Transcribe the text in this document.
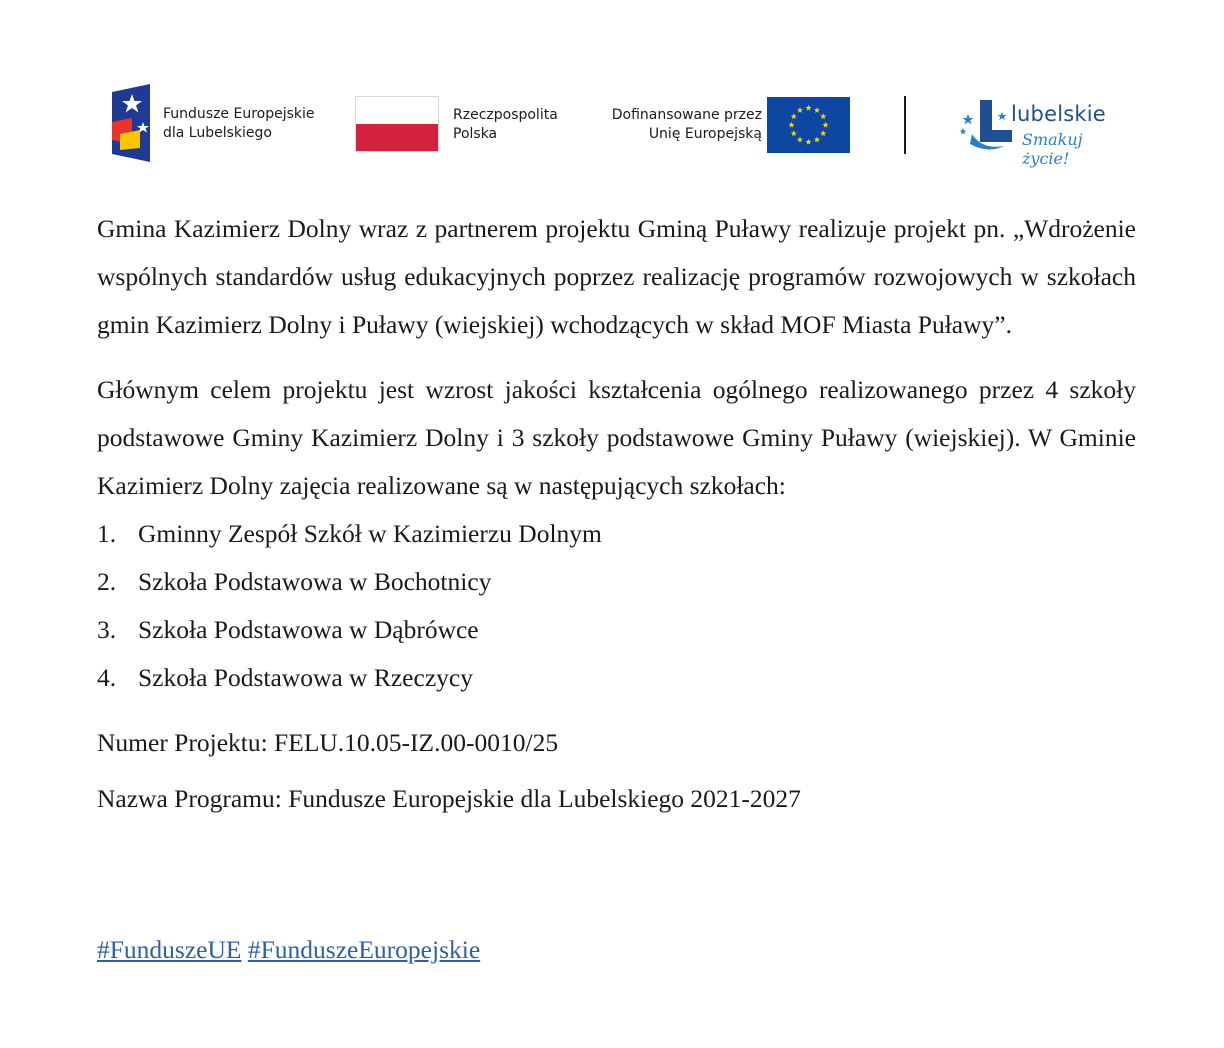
Fundusze Europejskie
dla Lubelskiego
Rzeczpospolita
Polska
Dofinansowane przez
Unię Europejską
lubelskie
Smakuj życie!

Gmina Kazimierz Dolny wraz z partnerem projektu Gminą Puławy realizuje projekt pn. „Wdrożenie wspólnych standardów usług edukacyjnych poprzez realizację programów rozwojowych w szkołach gmin Kazimierz Dolny i Puławy (wiejskiej) wchodzących w skład MOF Miasta Puławy”.

Głównym celem projektu jest wzrost jakości kształcenia ogólnego realizowanego przez 4 szkoły podstawowe Gminy Kazimierz Dolny i 3 szkoły podstawowe Gminy Puławy (wiejskiej). W Gminie Kazimierz Dolny zajęcia realizowane są w następujących szkołach:

1. Gminny Zespół Szkół w Kazimierzu Dolnym
2. Szkoła Podstawowa w Bochotnicy
3. Szkoła Podstawowa w Dąbrówce
4. Szkoła Podstawowa w Rzeczycy

Numer Projektu: FELU.10.05-IZ.00-0010/25

Nazwa Programu: Fundusze Europejskie dla Lubelskiego 2021-2027

#FunduszeUE #FunduszeEuropejskie
